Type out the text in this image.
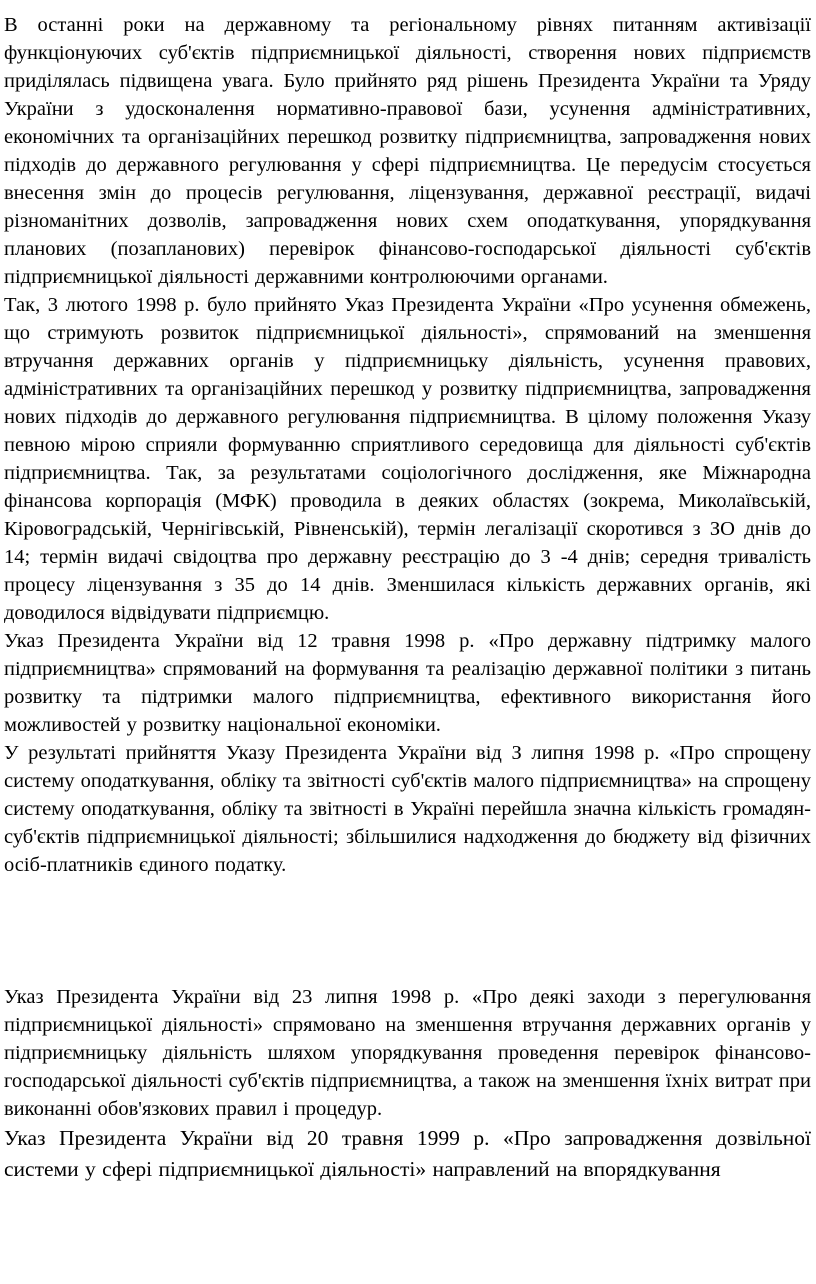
В останні роки на державному та регіональному рівнях питанням активізації функціонуючих суб'єктів підприємницької діяльності, створення нових підприємств приділялась підвищена увага. Було прийнято ряд рішень Президента України та Уряду України з удосконалення нормативно-правової бази, усунення адміністративних, економічних та організаційних перешкод розвитку підприємництва, запровадження нових підходів до державного регулювання у сфері підприємництва. Це передусім стосується внесення змін до процесів регулювання, ліцензування, державної реєстрації, видачі різноманітних дозволів, запровадження нових схем оподаткування, упорядкування планових (позапланових) перевірок фінансово-господарської діяльності суб'єктів підприємницької діяльності державними контролюючими органами.

Так, 3 лютого 1998 р. було прийнято Указ Президента України «Про усунення обмежень, що стримують розвиток підприємницької діяльності», спрямований на зменшення втручання державних органів у підприємницьку діяльність, усунення правових, адміністративних та організаційних перешкод у розвитку підприємництва, запровадження нових підходів до державного регулювання підприємництва. В цілому положення Указу певною мірою сприяли формуванню сприятливого середовища для діяльності суб'єктів підприємництва. Так, за результатами соціологічного дослідження, яке Міжнародна фінансова корпорація (МФК) проводила в деяких областях (зокрема, Миколаївській, Кіровоградській, Чернігівській, Рівненській), термін легалізації скоротився з ЗО днів до 14; термін видачі свідоцтва про державну реєстрацію до 3 -4 днів; середня тривалість процесу ліцензування з 35 до 14 днів. Зменшилася кількість державних органів, які доводилося відвідувати підприємцю.

Указ Президента України від 12 травня 1998 р. «Про державну підтримку малого підприємництва» спрямований на формування та реалізацію державної політики з питань розвитку та підтримки малого підприємництва, ефективного використання його можливостей у розвитку національної економіки.

У результаті прийняття Указу Президента України від З липня 1998 р. «Про спрощену систему оподаткування, обліку та звітності суб'єктів малого підприємництва» на спрощену систему оподаткування, обліку та звітності в Україні перейшла значна кількість громадян-суб'єктів підприємницької діяльності; збільшилися надходження до бюджету від фізичних осіб-платників єдиного податку.

Указ Президента України від 23 липня 1998 р. «Про деякі заходи з перегулювання підприємницької діяльності» спрямовано на зменшення втручання державних органів у підприємницьку діяльність шляхом упорядкування проведення перевірок фінансово-господарської діяльності суб'єктів підприємництва, а також на зменшення їхніх витрат при виконанні обов'язкових правил і процедур.

Указ Президента України від 20 травня 1999 р. «Про запровадження дозвільної системи у сфері підприємницької діяльності» направлений на впорядкування
